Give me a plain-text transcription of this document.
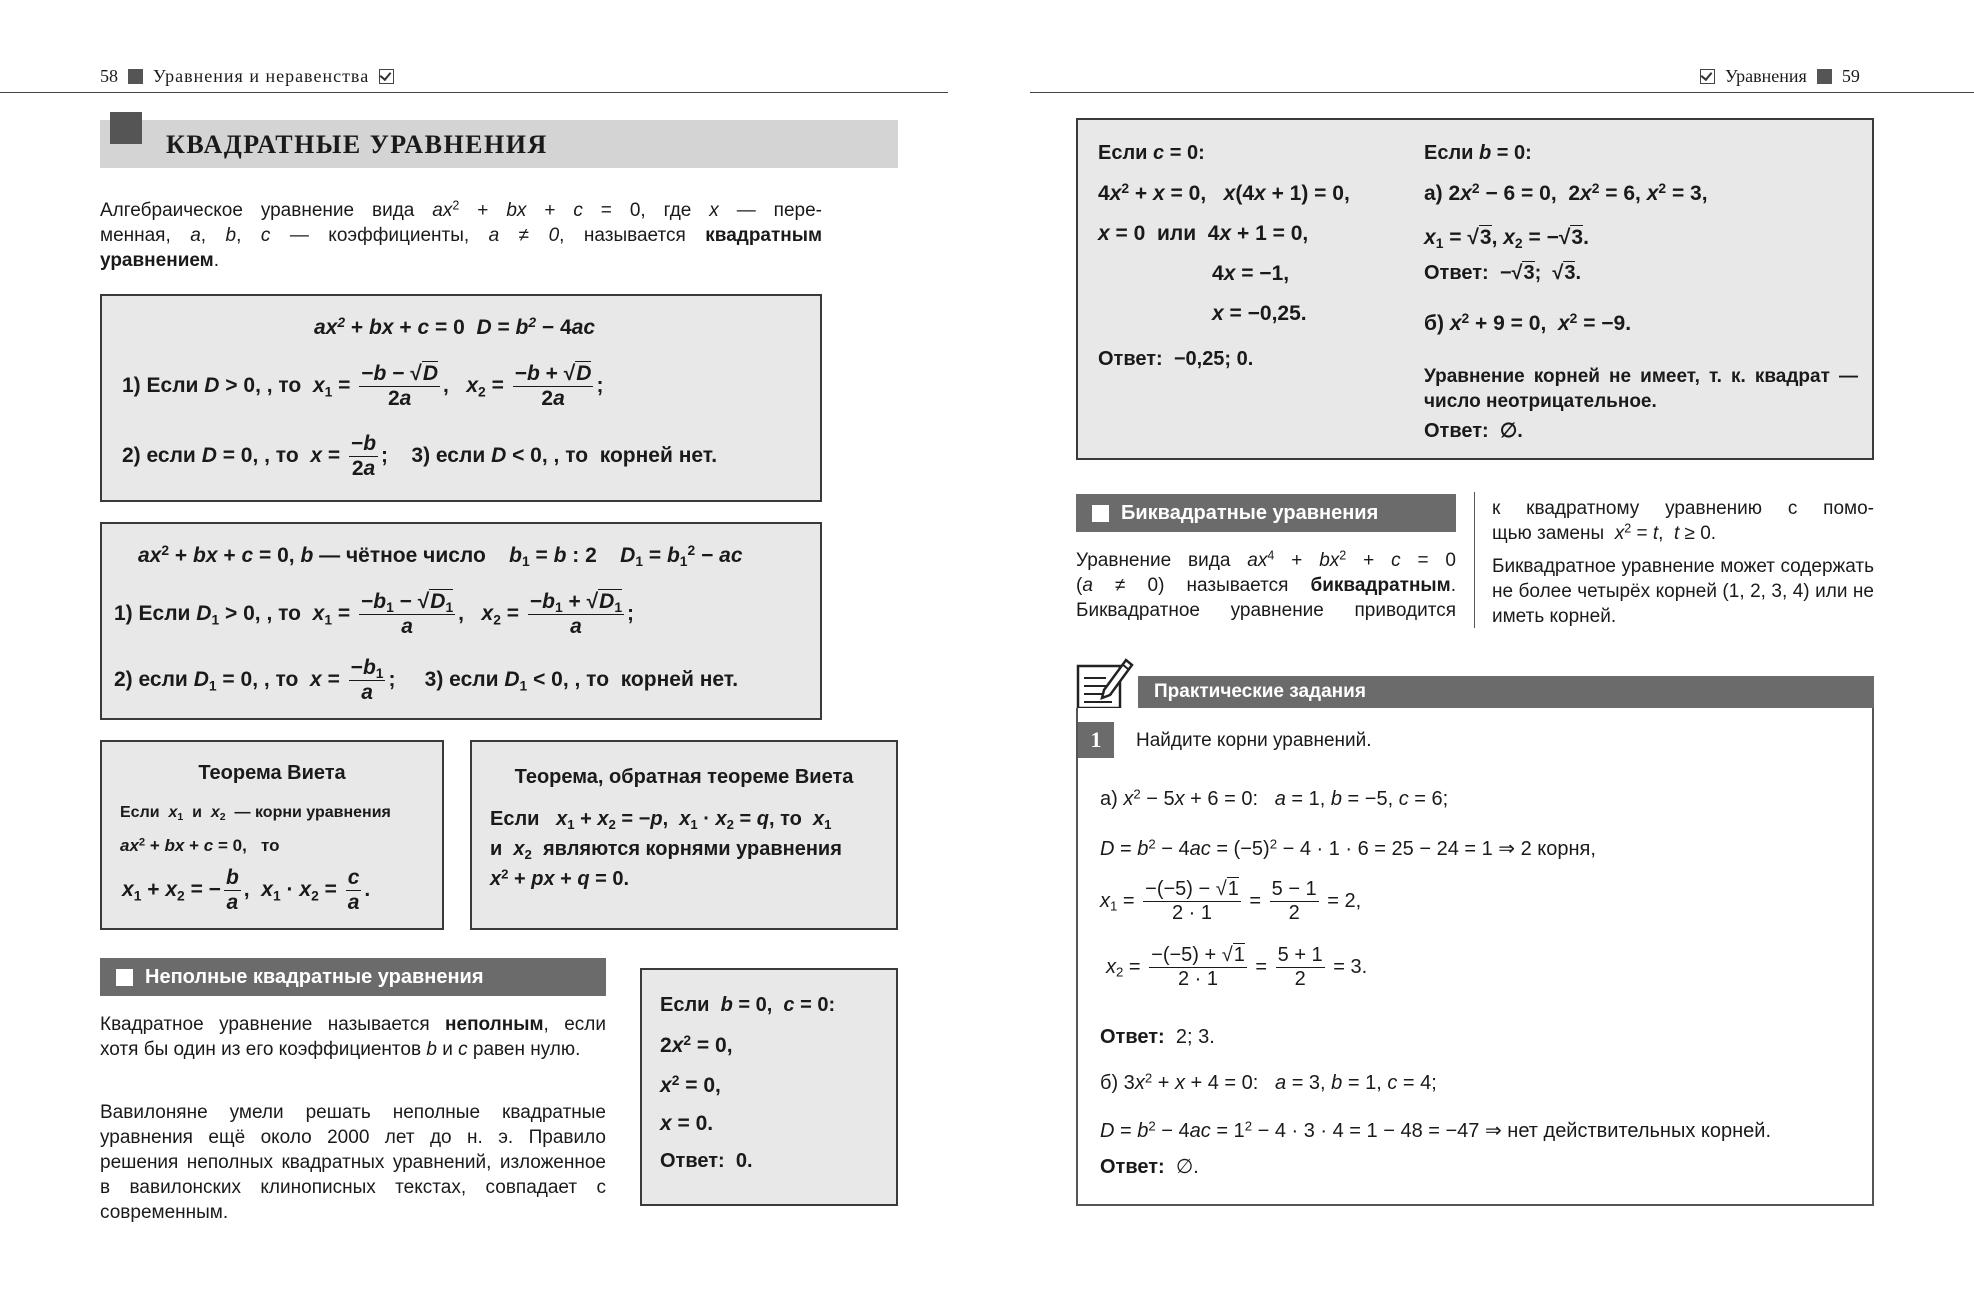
58 Уравнения и неравенства	Уравнения 59
КВАДРАТНЫЕ УРАВНЕНИЯ
Алгебраическое уравнение вида $ax^2$ + bx + c = 0, где x — пере-
менная, a, b, c — коэффициенты, a ≠ 0, называется квадратным
уравнением.
$ax^2$ + bx + c = 0  $D = b^2 - 4ac$
1) Если D > 0, , то $x_1 = \frac{-b - √D}{2a}$ ,   $x_2 = \frac{-b + √D}{2a}$ ;
2) если D = 0, , то $x = \frac{-b}{2a}$ ;    3) если D < 0, , то корней нет.
$ax^2$ + bx + c = 0, b — чётное число $b_1 = b$ : 2    $D_1 = b_1^2$ − ac
1) Если $D_1 > 0$, , то $x_1 = \frac{-b_1 - √D_1}{a}$ ,   $x_2 = \frac{-b_1 + √D_1}{a}$ ;
2) если $D_1 = 0$, , то $x = \frac{-b_1}{a}$ ;     3) если $D_1 < 0$, , то корней нет.
Теорема Виета
Если $x_1$ и $x_2$ — корни уравнения
$ax^2$ + bx + c = 0,   то
$x_1 + x_2$ = − $\frac{b}{a}$ ,  $x_1 \cdot x_2 = \frac{c}{a}$ .
Теорема, обратная теореме Виета
Если $x_1 + x_2 = -p$,  $x_1 \cdot x_2 = q$, то $x_1$
и $x_2$ являются корнями уравнения
$x^2$ + px + q = 0.
Неполные квадратные уравнения
Квадратное уравнение называется неполным, если хотя бы один из его коэффициентов b и c равен нулю.
Вавилоняне умели решать неполные квадратные уравнения ещё около 2000 лет до н. э. Правило решения неполных квадратных уравнений, изложенное в вавилонских клинописных текстах, совпадает с современным.
Если b = 0,  c = 0:
$2x^2 = 0$,
$x^2 = 0$,
x = 0.
Ответ:  0.
Если c = 0:
$4x^2 + x = 0$,   x(4x + 1) = 0,
x = 0  или  4x + 1 = 0,
4x = −1,
x = −0,25.
Ответ: −0,25; 0.
Если b = 0:
а) $2x^2 - 6 = 0$,  $2x^2 = 6$, $x^2 = 3$,
$x_1 = √3$, $x_2 = -√3$.
Ответ:  −√3;  √3.
б) $x^2 + 9 = 0$,  $x^2 = -9$.
Уравнение корней не имеет, т. к. квадрат — число неотрицательное.
Ответ:  ∅.
Биквадратные уравнения
Уравнение вида $ax^4 + bx^2 + c = 0$
(a ≠ 0) называется биквадратным.
Биквадратное уравнение приводится
к квадратному уравнению с помо-
щью замены $x^2 = t$,  t ≥ 0.
Биквадратное уравнение может содержать не более четырёх корней (1, 2, 3, 4) или не иметь корней.
Практические задания
1	Найдите корни уравнений.
а) $x^2 - 5x + 6 = 0$:   a = 1, b = −5, c = 6;
$D = b^2 - 4ac = (-5)^2 - 4 \cdot 1 \cdot 6 = 25 - 24 = 1$ ⇒ 2 корня,
$x_1 = \frac{-(-5) - √1}{2 \cdot 1} = \frac{5 - 1}{2} = 2$,
$x_2 = \frac{-(-5) + √1}{2 \cdot 1} = \frac{5 + 1}{2} = 3$.
Ответ: 2; 3.
б) $3x^2 + x + 4 = 0$:   a = 3, b = 1, c = 4;
$D = b^2 - 4ac = 1^2 - 4 \cdot 3 \cdot 4 = 1 - 48 = -47$ ⇒ нет действительных корней.
Ответ:  ∅.
